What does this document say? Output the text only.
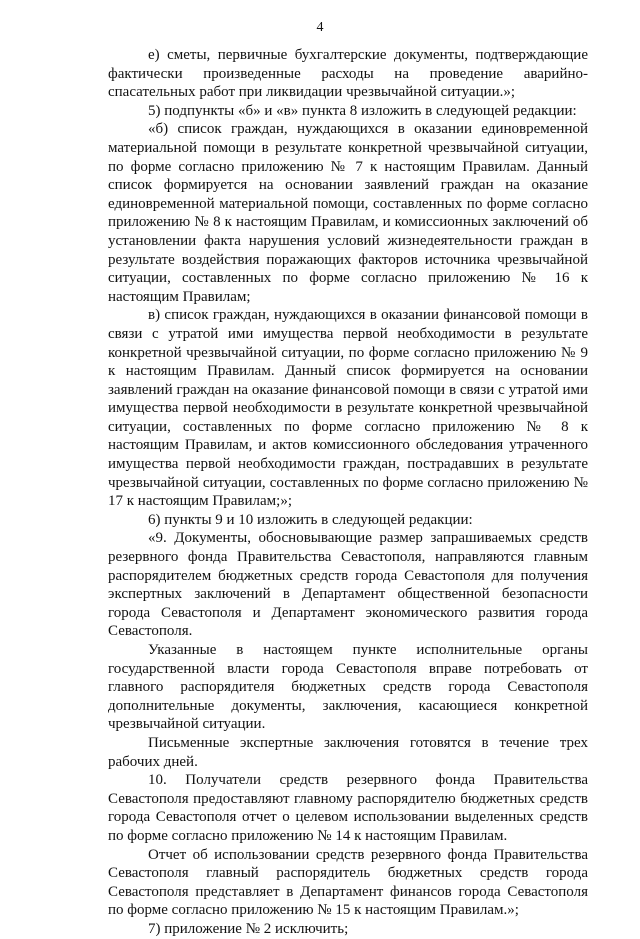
4

е) сметы, первичные бухгалтерские документы, подтверждающие фактически произведенные расходы на проведение аварийно-спасательных работ при ликвидации чрезвычайной ситуации.»;

5) подпункты «б» и «в» пункта 8 изложить в следующей редакции:

«б) список граждан, нуждающихся в оказании единовременной материальной помощи в результате конкретной чрезвычайной ситуации, по форме согласно приложению № 7 к настоящим Правилам. Данный список формируется на основании заявлений граждан на оказание единовременной материальной помощи, составленных по форме согласно приложению № 8 к настоящим Правилам, и комиссионных заключений об установлении факта нарушения условий жизнедеятельности граждан в результате воздействия поражающих факторов источника чрезвычайной ситуации, составленных по форме согласно приложению № 16 к настоящим Правилам;

в) список граждан, нуждающихся в оказании финансовой помощи в связи с утратой ими имущества первой необходимости в результате конкретной чрезвычайной ситуации, по форме согласно приложению № 9 к настоящим Правилам. Данный список формируется на основании заявлений граждан на оказание финансовой помощи в связи с утратой ими имущества первой необходимости в результате конкретной чрезвычайной ситуации, составленных по форме согласно приложению № 8 к настоящим Правилам, и актов комиссионного обследования утраченного имущества первой необходимости граждан, пострадавших в результате чрезвычайной ситуации, составленных по форме согласно приложению № 17 к настоящим Правилам;»;

6) пункты 9 и 10 изложить в следующей редакции:

«9. Документы, обосновывающие размер запрашиваемых средств резервного фонда Правительства Севастополя, направляются главным распорядителем бюджетных средств города Севастополя для получения экспертных заключений в Департамент общественной безопасности города Севастополя и Департамент экономического развития города Севастополя.

Указанные в настоящем пункте исполнительные органы государственной власти города Севастополя вправе потребовать от главного распорядителя бюджетных средств города Севастополя дополнительные документы, заключения, касающиеся конкретной чрезвычайной ситуации.

Письменные экспертные заключения готовятся в течение трех рабочих дней.

10. Получатели средств резервного фонда Правительства Севастополя предоставляют главному распорядителю бюджетных средств города Севастополя отчет о целевом использовании выделенных средств по форме согласно приложению № 14 к настоящим Правилам.

Отчет об использовании средств резервного фонда Правительства Севастополя главный распорядитель бюджетных средств города Севастополя представляет в Департамент финансов города Севастополя по форме согласно приложению № 15 к настоящим Правилам.»;

7) приложение № 2 исключить;
